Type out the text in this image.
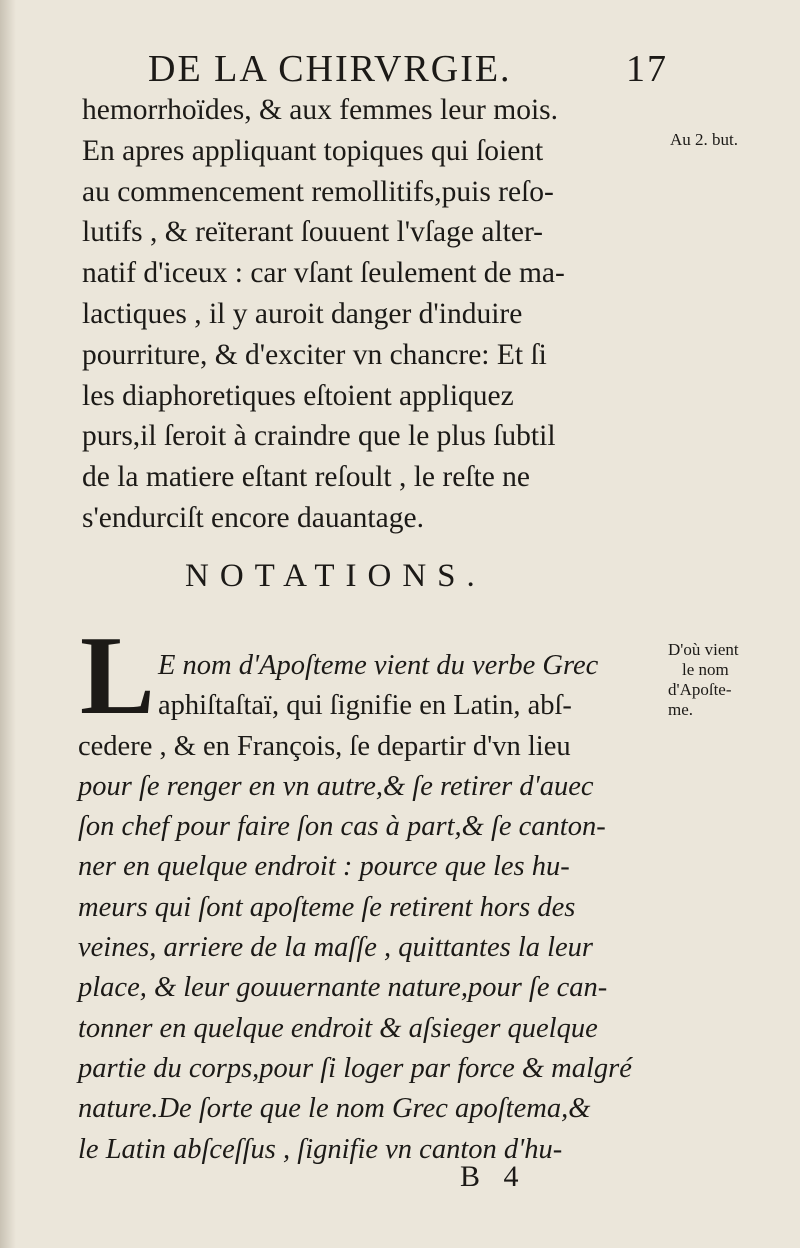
DE LA CHIRVRGIE.	17
hemorrhoïdes, & aux femmes leur mois.
En apres appliquant topiques qui ſoient
au commencement remollitifs,puis reſo-
lutifs , & reïterant ſouuent l'vſage alter-
natif d'iceux : car vſant ſeulement de ma-
lactiques , il y auroit danger d'induire
pourriture, & d'exciter vn chancre: Et ſi
les diaphoretiques eſtoient appliquez
purs,il ſeroit à craindre que le plus ſubtil
de la matiere eſtant reſoult , le reſte ne
s'endurciſt encore dauantage.
Au 2. but.
NOTATIONS.
L E nom d'Apoſteme vient du verbe Grec
aphiſtaſtaï, qui ſignifie en Latin, abſ-
cedere , & en François, ſe departir d'vn lieu
pour ſe renger en vn autre,& ſe retirer d'auec
ſon chef pour faire ſon cas à part,& ſe canton-
ner en quelque endroit : pource que les hu-
meurs qui ſont apoſteme ſe retirent hors des
veines, arriere de la maſſe , quittantes la leur
place, & leur gouuernante nature,pour ſe can-
tonner en quelque endroit & aſsieger quelque
partie du corps,pour ſi loger par force & malgré
nature.De ſorte que le nom Grec apoſtema,&
le Latin abſceſſus , ſignifie vn canton d'hu-
D'où vient
le nom
d'Apoſte-
me.
B 4
